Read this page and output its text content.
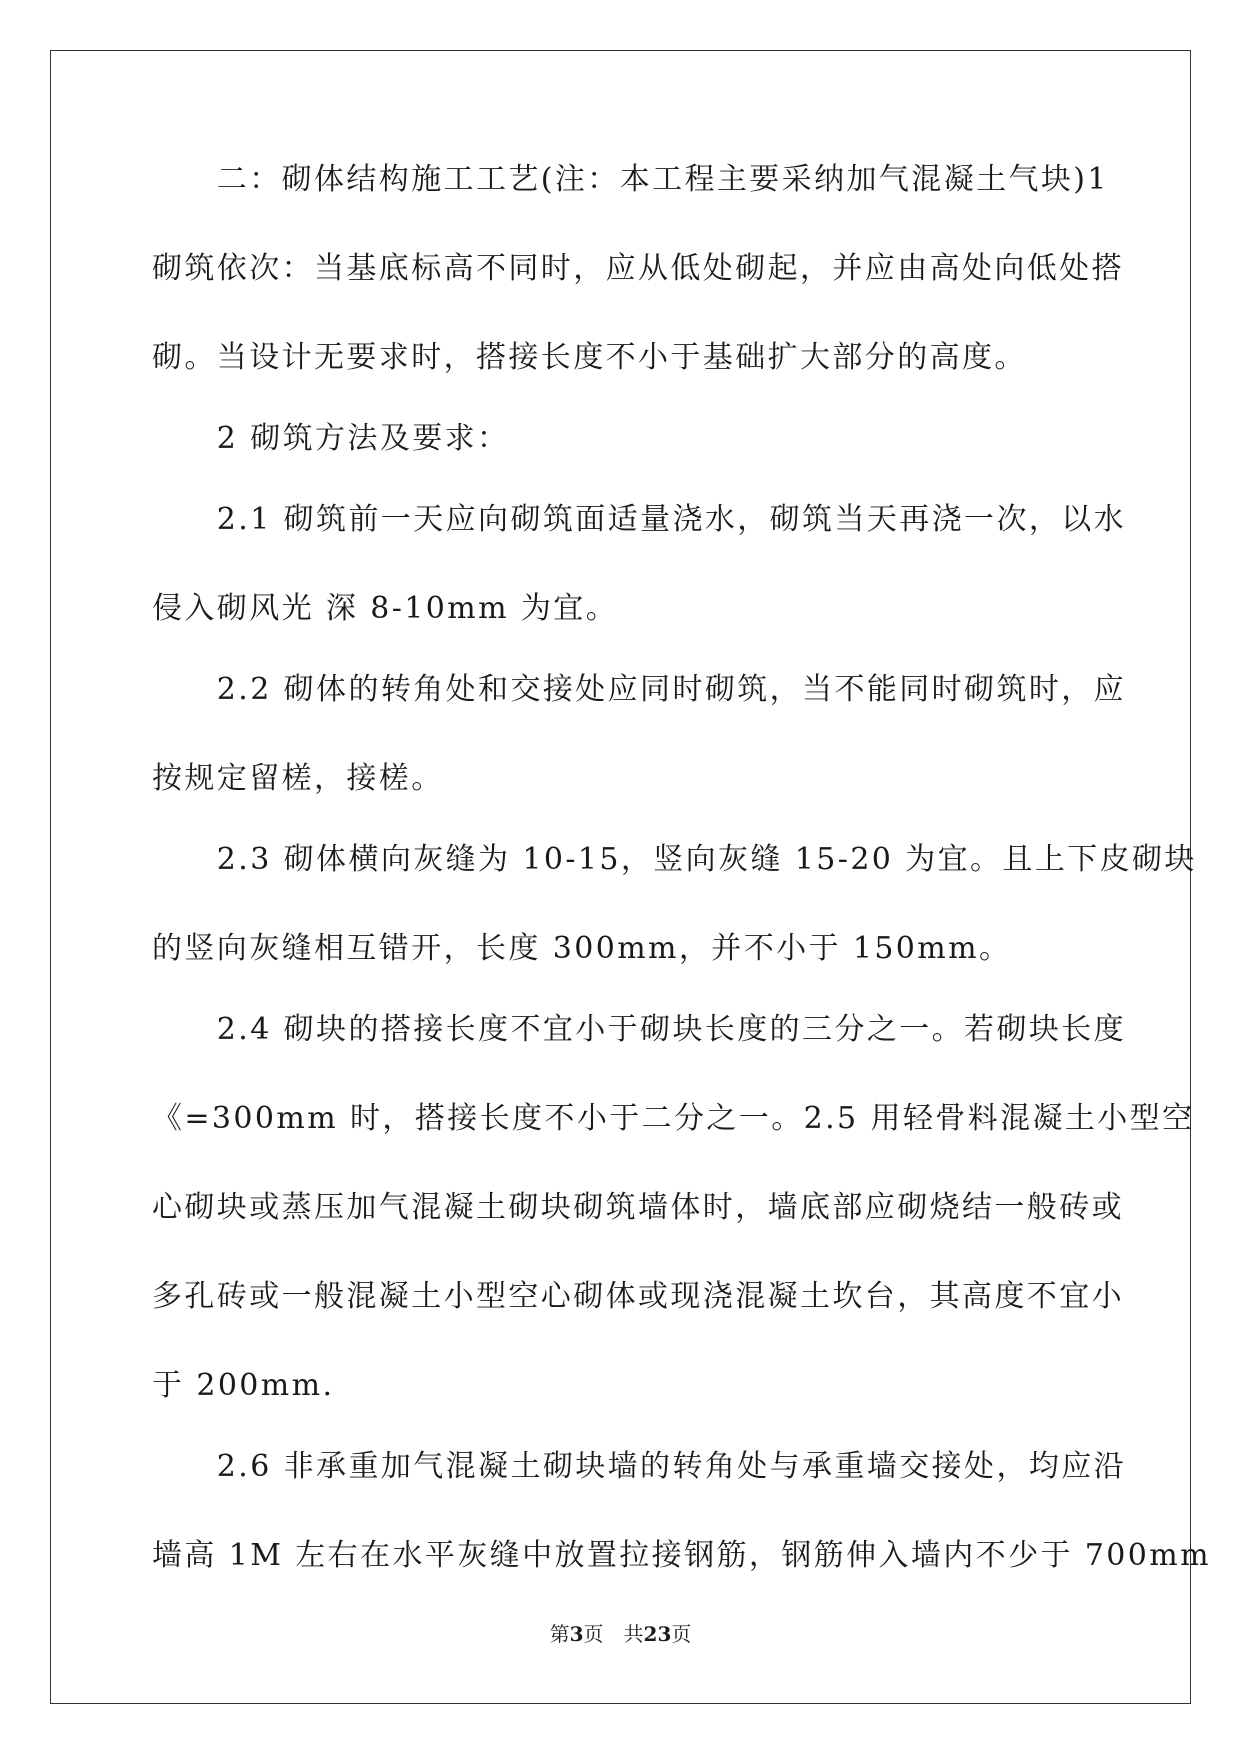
　　二：砌体结构施工工艺(注：本工程主要采纳加气混凝土气块)1

砌筑依次：当基底标高不同时，应从低处砌起，并应由高处向低处搭

砌。当设计无要求时，搭接长度不小于基础扩大部分的高度。

　　2 砌筑方法及要求：

　　2.1 砌筑前一天应向砌筑面适量浇水，砌筑当天再浇一次，以水

侵入砌风光 深 8-10mm 为宜。

　　2.2 砌体的转角处和交接处应同时砌筑，当不能同时砌筑时，应

按规定留槎，接槎。

　　2.3 砌体横向灰缝为 10-15，竖向灰缝 15-20 为宜。且上下皮砌块

的竖向灰缝相互错开，长度 300mm，并不小于 150mm。

　　2.4 砌块的搭接长度不宜小于砌块长度的三分之一。若砌块长度

《=300mm 时，搭接长度不小于二分之一。2.5 用轻骨料混凝土小型空

心砌块或蒸压加气混凝土砌块砌筑墙体时，墙底部应砌烧结一般砖或

多孔砖或一般混凝土小型空心砌体或现浇混凝土坎台，其高度不宜小

于 200mm.

　　2.6 非承重加气混凝土砌块墙的转角处与承重墙交接处，均应沿

墙高 1M 左右在水平灰缝中放置拉接钢筋，钢筋伸入墙内不少于 700mm

第3页　共23页
